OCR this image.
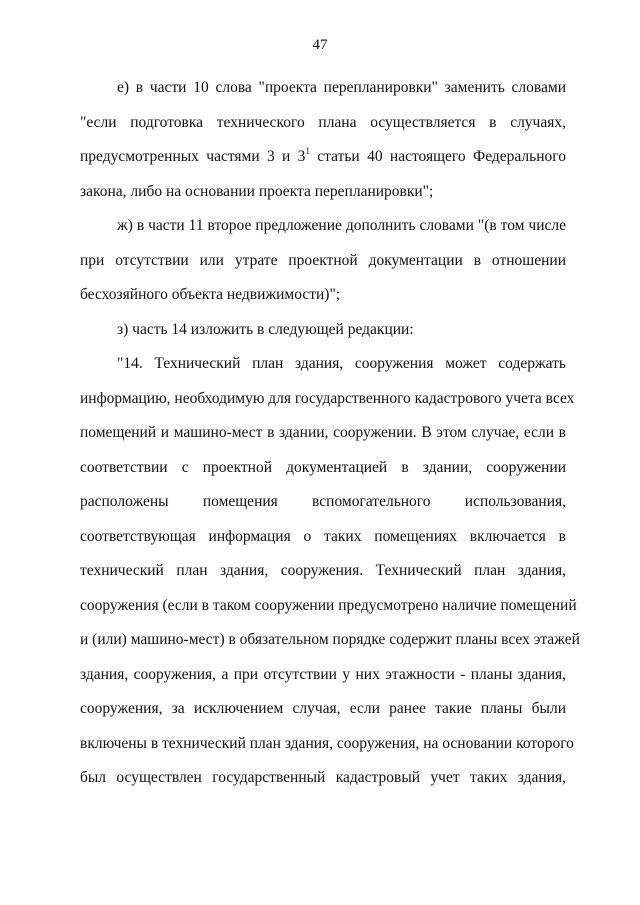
47
е) в части 10 слова "проекта перепланировки" заменить словами
"если подготовка технического плана осуществляется в случаях,
предусмотренных частями 3 и $3^1$ статьи 40 настоящего Федерального
закона, либо на основании проекта перепланировки";
ж) в части 11 второе предложение дополнить словами "(в том числе
при отсутствии или утрате проектной документации в отношении
бесхозяйного объекта недвижимости)";
з) часть 14 изложить в следующей редакции:
"14. Технический план здания, сооружения может содержать
информацию, необходимую для государственного кадастрового учета всех
помещений и машино-мест в здании, сооружении. В этом случае, если в
соответствии с проектной документацией в здании, сооружении
расположены помещения вспомогательного использования,
соответствующая информация о таких помещениях включается в
технический план здания, сооружения. Технический план здания,
сооружения (если в таком сооружении предусмотрено наличие помещений
и (или) машино-мест) в обязательном порядке содержит планы всех этажей
здания, сооружения, а при отсутствии у них этажности - планы здания,
сооружения, за исключением случая, если ранее такие планы были
включены в технический план здания, сооружения, на основании которого
был осуществлен государственный кадастровый учет таких здания,
